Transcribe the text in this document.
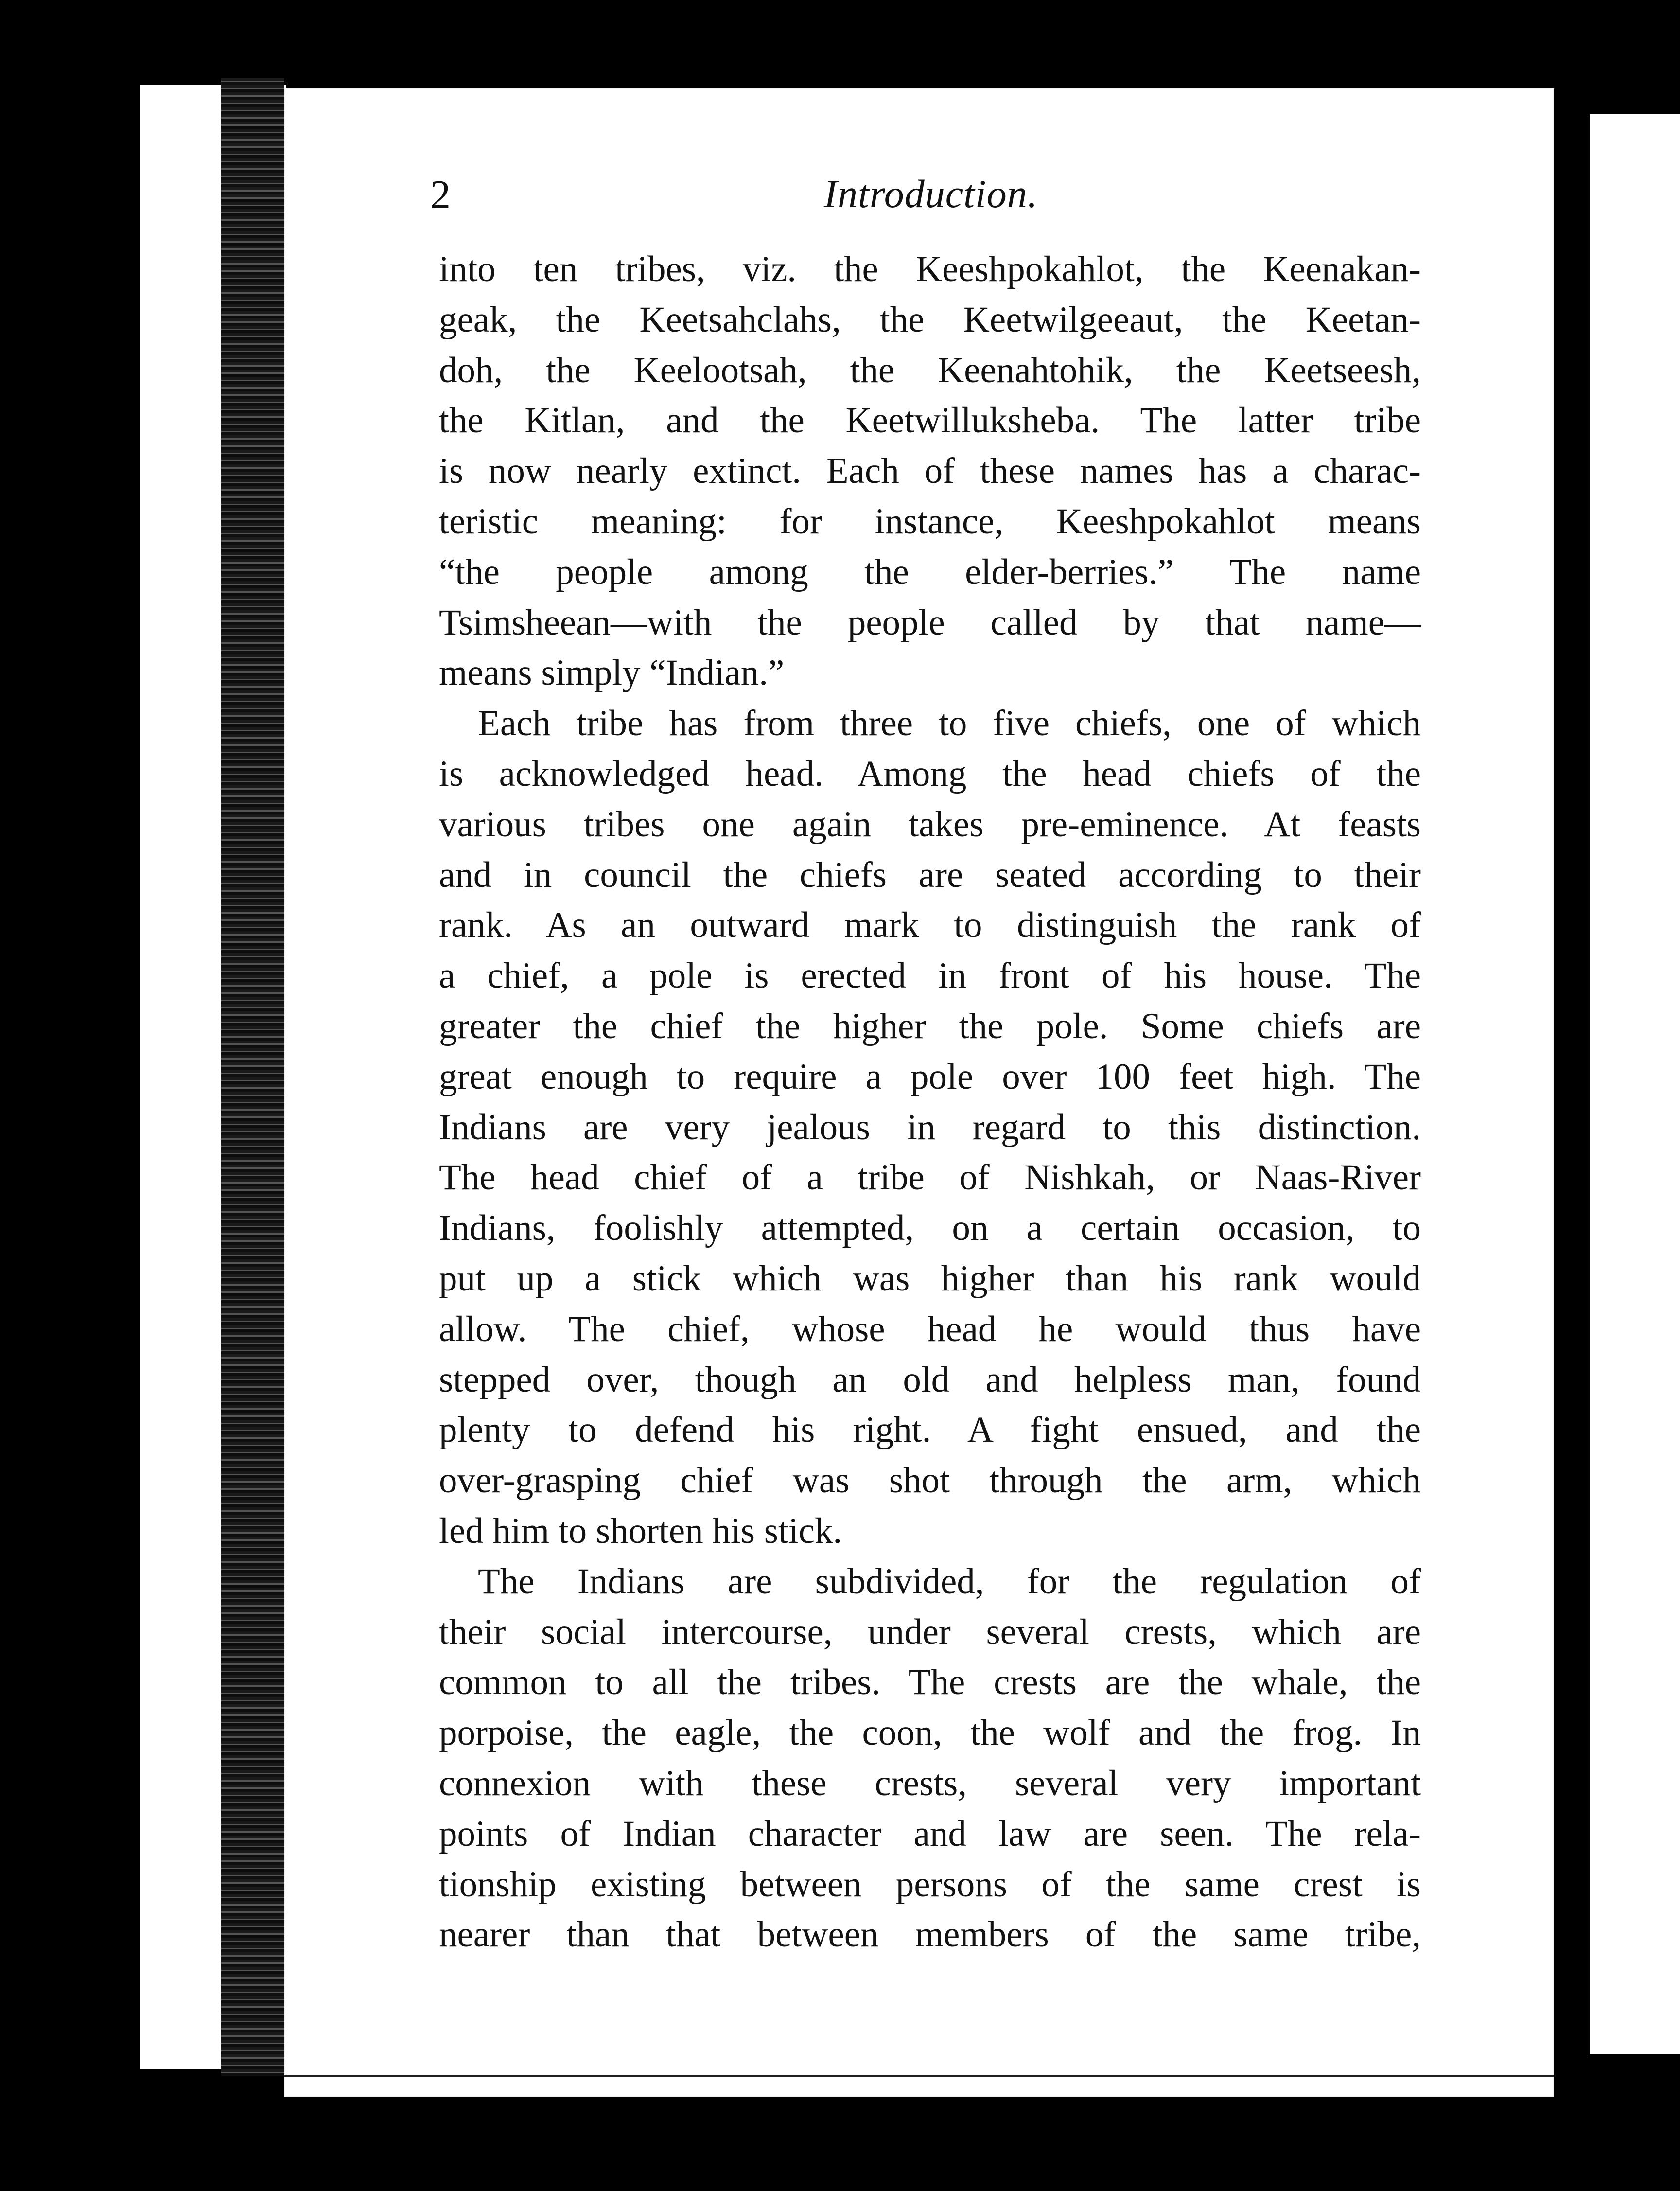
2	Introduction.
into ten tribes, viz. the Keeshpokahlot, the Keenakan-
geak, the Keetsahclahs, the Keetwilgeeaut, the Keetan-
doh, the Keelootsah, the Keenahtohik, the Keetseesh,
the Kitlan, and the Keetwilluksheba. The latter tribe
is now nearly extinct. Each of these names has a charac-
teristic meaning: for instance, Keeshpokahlot means
“the people among the elder-berries.” The name
Tsimsheean—with the people called by that name—
means simply “Indian.”
Each tribe has from three to five chiefs, one of which
is acknowledged head. Among the head chiefs of the
various tribes one again takes pre-eminence. At feasts
and in council the chiefs are seated according to their
rank. As an outward mark to distinguish the rank of
a chief, a pole is erected in front of his house. The
greater the chief the higher the pole. Some chiefs are
great enough to require a pole over 100 feet high. The
Indians are very jealous in regard to this distinction.
The head chief of a tribe of Nishkah, or Naas-River
Indians, foolishly attempted, on a certain occasion, to
put up a stick which was higher than his rank would
allow. The chief, whose head he would thus have
stepped over, though an old and helpless man, found
plenty to defend his right. A fight ensued, and the
over-grasping chief was shot through the arm, which
led him to shorten his stick.
The Indians are subdivided, for the regulation of
their social intercourse, under several crests, which are
common to all the tribes. The crests are the whale, the
porpoise, the eagle, the coon, the wolf and the frog. In
connexion with these crests, several very important
points of Indian character and law are seen. The rela-
tionship existing between persons of the same crest is
nearer than that between members of the same tribe,
